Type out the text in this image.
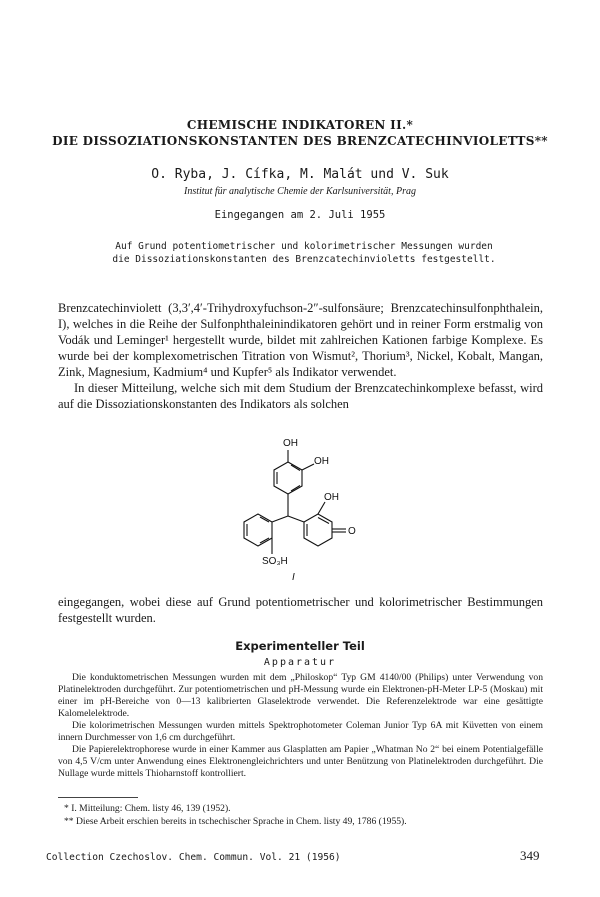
CHEMISCHE INDIKATOREN II.*
DIE DISSOZIATIONSKONSTANTEN DES BRENZCATECHINVIOLETTS**
O. Ryba, J. Cífka, M. Malát und V. Suk
Institut für analytische Chemie der Karlsuniversität, Prag
Eingegangen am 2. Juli 1955
Auf Grund potentiometrischer und kolorimetrischer Messungen wurden
die Dissoziationskonstanten des Brenzcatechinvioletts festgestellt.

Brenzcatechinviolett (3,3′,4′-Trihydroxyfuchson-2″-sulfonsäure; Brenzcatechinsulfonphthalein, I), welches in die Reihe der Sulfonphthaleinindikatoren gehört und in reiner Form erstmalig von Vodák und Leminger¹ hergestellt wurde, bildet mit zahlreichen Kationen farbige Komplexe. Es wurde bei der komplexometrischen Titration von Wismut², Thorium³, Nickel, Kobalt, Mangan, Zink, Magnesium, Kadmium⁴ und Kupfer⁵ als Indikator verwendet.

In dieser Mitteilung, welche sich mit dem Studium der Brenzcatechinkomplexe befasst, wird auf die Dissoziationskonstanten des Indikators als solchen

OH
OH
OH
O
SO₃H
I

eingegangen, wobei diese auf Grund potentiometrischer und kolorimetrischer Bestimmungen festgestellt wurden.

Experimenteller Teil
Apparatur

Die konduktometrischen Messungen wurden mit dem „Philoskop“ Typ GM 4140/00 (Philips) unter Verwendung von Platinelektroden durchgeführt. Zur potentiometrischen und pH-Messung wurde ein Elektronen-pH-Meter LP-5 (Moskau) mit einer im pH-Bereiche von 0—13 kalibrierten Glaselektrode verwendet. Die Referenzelektrode war eine gesättigte Kalomelelektrode.

Die kolorimetrischen Messungen wurden mittels Spektrophotometer Coleman Junior Typ 6A mit Küvetten von einem innern Durchmesser von 1,6 cm durchgeführt.

Die Papierelektrophorese wurde in einer Kammer aus Glasplatten am Papier „Whatman No 2“ bei einem Potentialgefälle von 4,5 V/cm unter Anwendung eines Elektronengleichrichters und unter Benützung von Platinelektroden durchgeführt. Die Nullage wurde mittels Thioharnstoff kontrolliert.

* I. Mitteilung: Chem. listy 46, 139 (1952).

** Diese Arbeit erschien bereits in tschechischer Sprache in Chem. listy 49, 1786 (1955).

Collection Czechoslov. Chem. Commun. Vol. 21 (1956)	349
